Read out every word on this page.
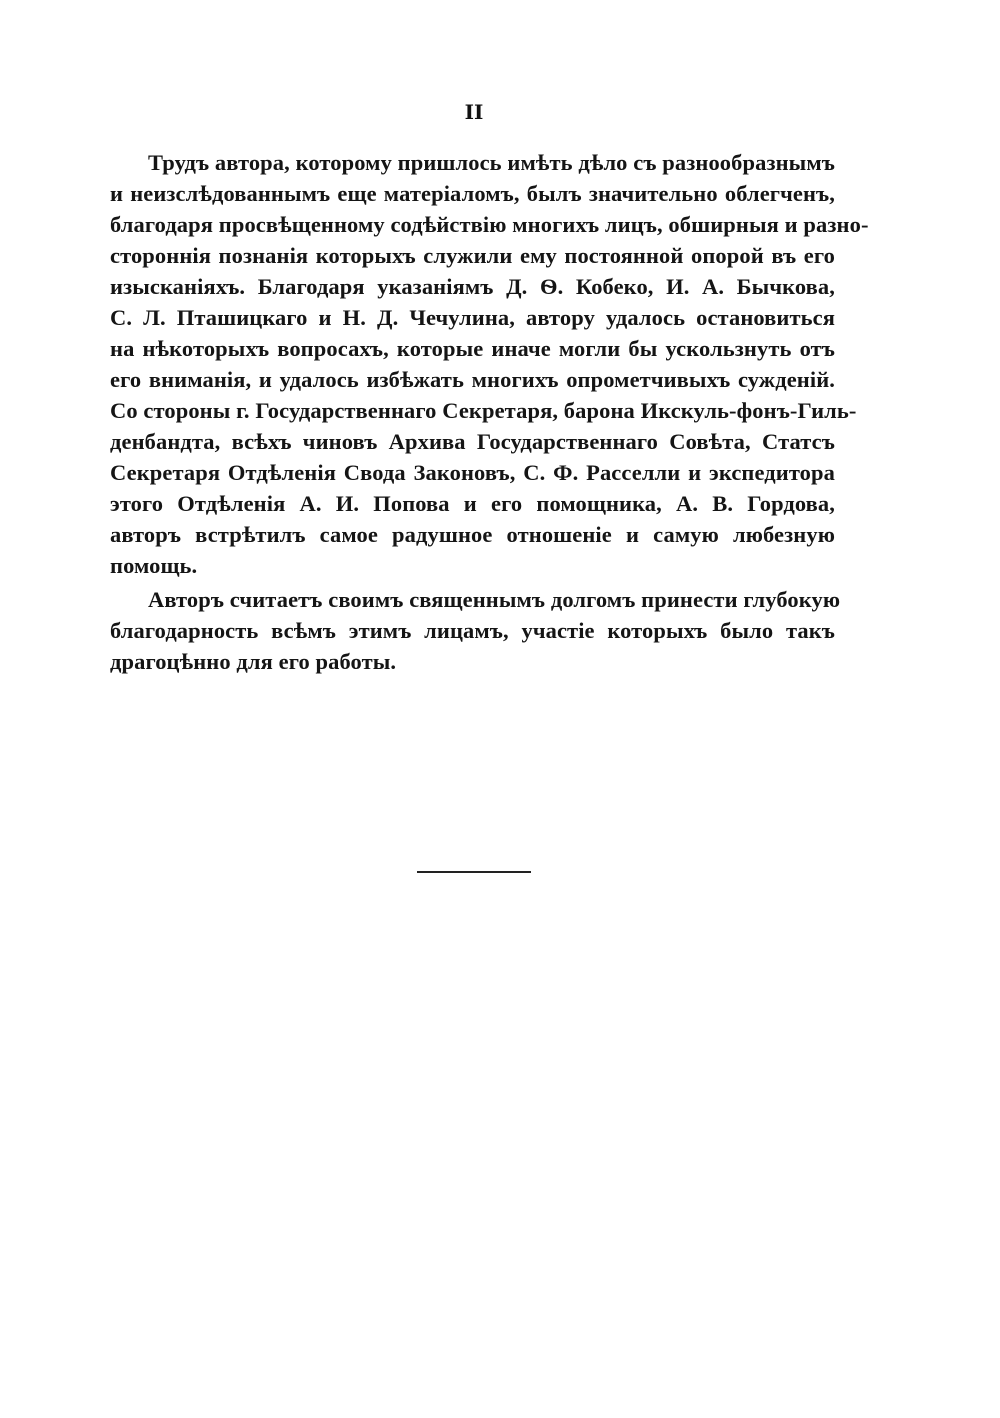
II
Трудъ автора, которому пришлось имѣть дѣло съ разнообразнымъ
и неизслѣдованнымъ еще матеріаломъ, былъ значительно облегченъ,
благодаря просвѣщенному содѣйствію многихъ лицъ, обширныя и разно-
стороннія познанія которыхъ служили ему постоянной опорой въ его
изысканіяхъ. Благодаря указаніямъ Д. Ѳ. Кобеко, И. А. Бычкова,
С. Л. Пташицкаго и Н. Д. Чечулина, автору удалось остановиться
на нѣкоторыхъ вопросахъ, которые иначе могли бы ускользнуть отъ
его вниманія, и удалось избѣжать многихъ опрометчивыхъ сужденій.
Со стороны г. Государственнаго Секретаря, барона Икскуль-фонъ-Гиль-
денбандта, всѣхъ чиновъ Архива Государственнаго Совѣта, Статсъ
Секретаря Отдѣленія Свода Законовъ, С. Ф. Расселли и экспедитора
этого Отдѣленія А. И. Попова и его помощника, А. В. Гордова,
авторъ встрѣтилъ самое радушное отношеніе и самую любезную
помощь.
Авторъ считаетъ своимъ священнымъ долгомъ принести глубокую
благодарность всѣмъ этимъ лицамъ, участіе которыхъ было такъ
драгоцѣнно для его работы.
